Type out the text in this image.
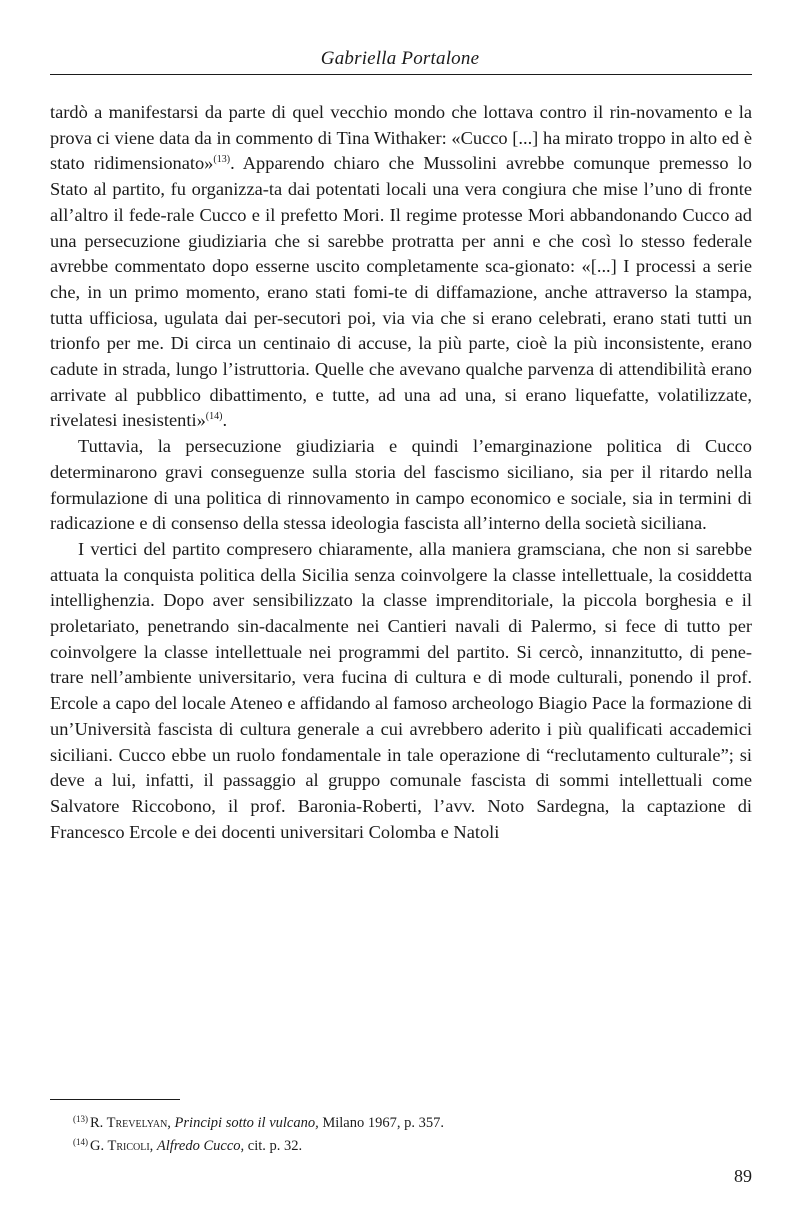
Gabriella Portalone

tardò a manifestarsi da parte di quel vecchio mondo che lottava contro il rin-novamento e la prova ci viene data da in commento di Tina Withaker: «Cucco [...] ha mirato troppo in alto ed è stato ridimensionato»$^{(13)}$. Apparendo chiaro che Mussolini avrebbe comunque premesso lo Stato al partito, fu organizza-ta dai potentati locali una vera congiura che mise l’uno di fronte all’altro il fede-rale Cucco e il prefetto Mori. Il regime protesse Mori abbandonando Cucco ad una persecuzione giudiziaria che si sarebbe protratta per anni e che così lo stesso federale avrebbe commentato dopo esserne uscito completamente sca-gionato: «[...] I processi a serie che, in un primo momento, erano stati fomi-te di diffamazione, anche attraverso la stampa, tutta ufficiosa, ugulata dai per-secutori poi, via via che si erano celebrati, erano stati tutti un trionfo per me. Di circa un centinaio di accuse, la più parte, cioè la più inconsistente, erano cadute in strada, lungo l’istruttoria. Quelle che avevano qualche parvenza di attendibilità erano arrivate al pubblico dibattimento, e tutte, ad una ad una, si erano liquefatte, volatilizzate, rivelatesi inesistenti»$^{(14)}$.

Tuttavia, la persecuzione giudiziaria e quindi l’emarginazione politica di Cucco determinarono gravi conseguenze sulla storia del fascismo siciliano, sia per il ritardo nella formulazione di una politica di rinnovamento in campo economico e sociale, sia in termini di radicazione e di consenso della stessa ideologia fascista all’interno della società siciliana.

I vertici del partito compresero chiaramente, alla maniera gramsciana, che non si sarebbe attuata la conquista politica della Sicilia senza coinvolgere la classe intellettuale, la cosiddetta intellighenzia. Dopo aver sensibilizzato la classe imprenditoriale, la piccola borghesia e il proletariato, penetrando sin-dacalmente nei Cantieri navali di Palermo, si fece di tutto per coinvolgere la classe intellettuale nei programmi del partito. Si cercò, innanzitutto, di pene-trare nell’ambiente universitario, vera fucina di cultura e di mode culturali, ponendo il prof. Ercole a capo del locale Ateneo e affidando al famoso archeologo Biagio Pace la formazione di un’Università fascista di cultura generale a cui avrebbero aderito i più qualificati accademici siciliani. Cucco ebbe un ruolo fondamentale in tale operazione di “reclutamento culturale”; si deve a lui, infatti, il passaggio al gruppo comunale fascista di sommi intellettuali come Salvatore Riccobono, il prof. Baronia-Roberti, l’avv. Noto Sardegna, la captazione di Francesco Ercole e dei docenti universitari Colomba e Natoli

$^{(13)}$ R. Trevelyan, Principi sotto il vulcano, Milano 1967, p. 357.

$^{(14)}$ G. Tricoli, Alfredo Cucco, cit. p. 32.

89
